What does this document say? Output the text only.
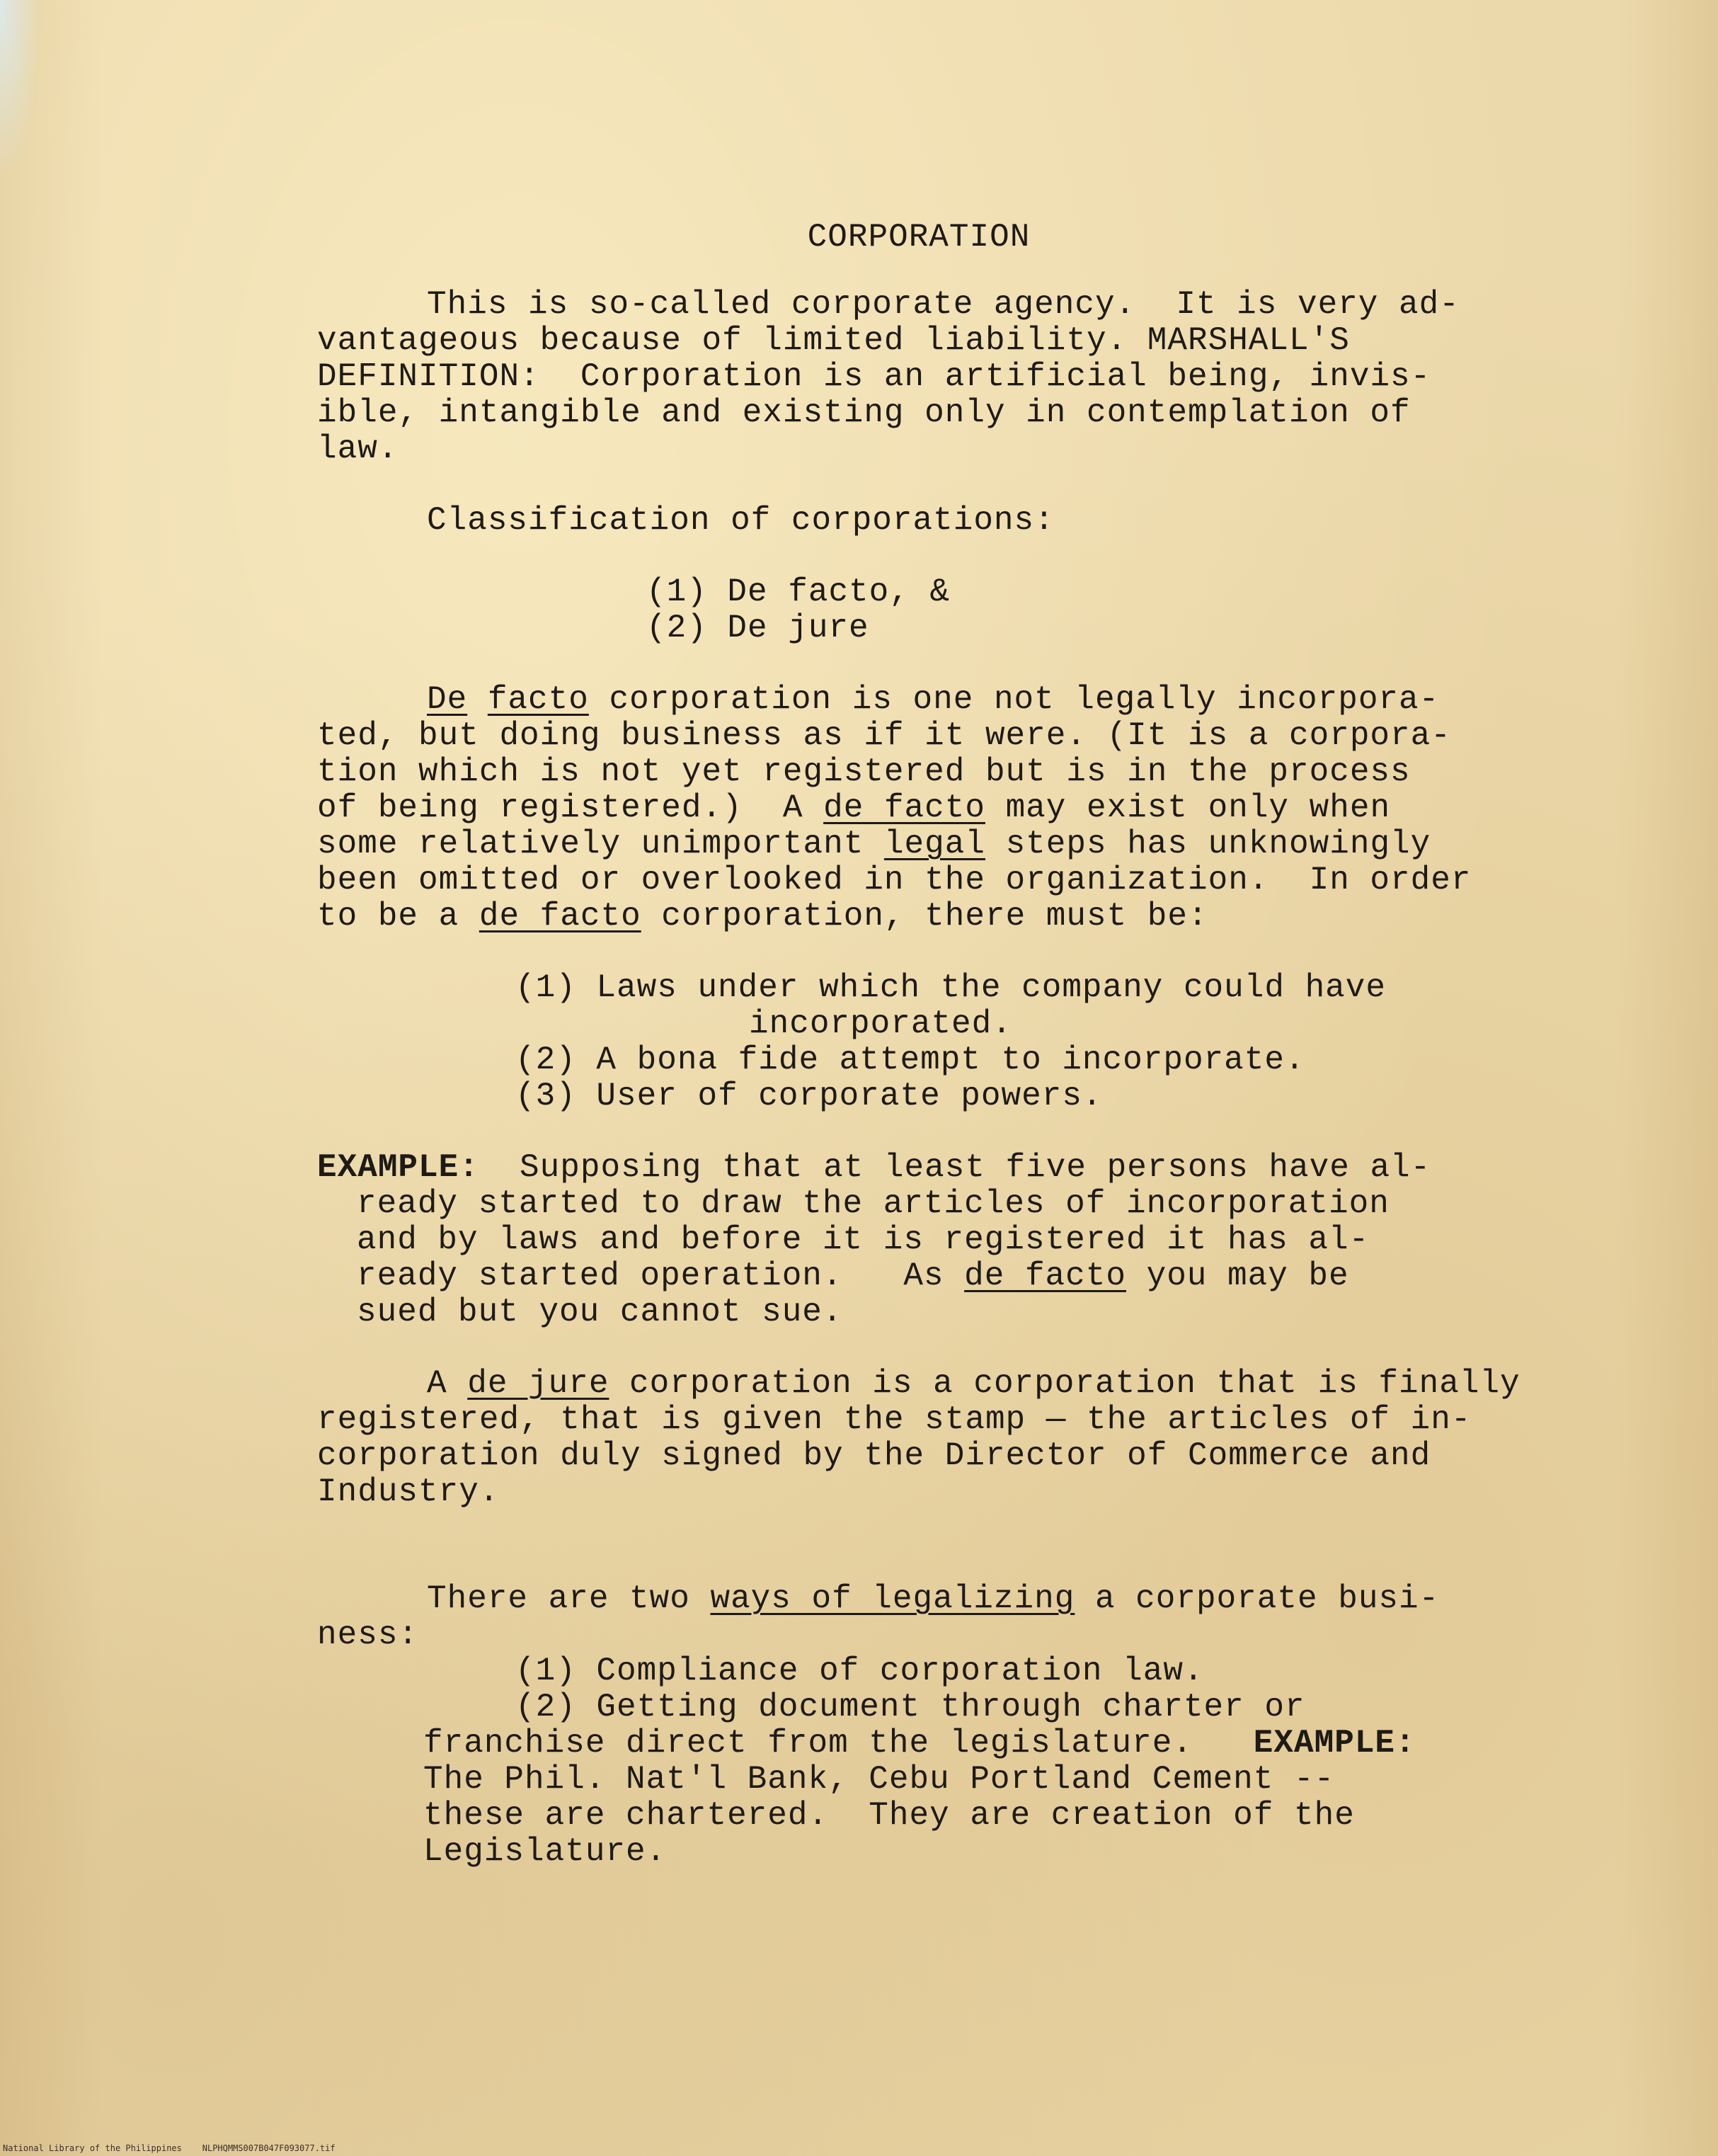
CORPORATION
This is so-called corporate agency.  It is very ad-
vantageous because of limited liability. MARSHALL'S
DEFINITION:  Corporation is an artificial being, invis-
ible, intangible and existing only in contemplation of
law.
Classification of corporations:
(1) De facto, &
(2) De jure
De facto corporation is one not legally incorpora-
ted, but doing business as if it were. (It is a corpora-
tion which is not yet registered but is in the process
of being registered.)  A de facto may exist only when
some relatively unimportant legal steps has unknowingly
been omitted or overlooked in the organization.  In order
to be a de facto corporation, there must be:
(1) Laws under which the company could have
incorporated.
(2) A bona fide attempt to incorporate.
(3) User of corporate powers.
EXAMPLE:  Supposing that at least five persons have al-
ready started to draw the articles of incorporation
and by laws and before it is registered it has al-
ready started operation.   As de facto you may be
sued but you cannot sue.
A de jure corporation is a corporation that is finally
registered, that is given the stamp — the articles of in-
corporation duly signed by the Director of Commerce and
Industry.
There are two ways of legalizing a corporate busi-
ness:
(1) Compliance of corporation law.
(2) Getting document through charter or
franchise direct from the legislature.   EXAMPLE:
The Phil. Nat'l Bank, Cebu Portland Cement --
these are chartered.  They are creation of the
Legislature.
National Library of the Philippines    NLPHQMMS007B047F093077.tif
